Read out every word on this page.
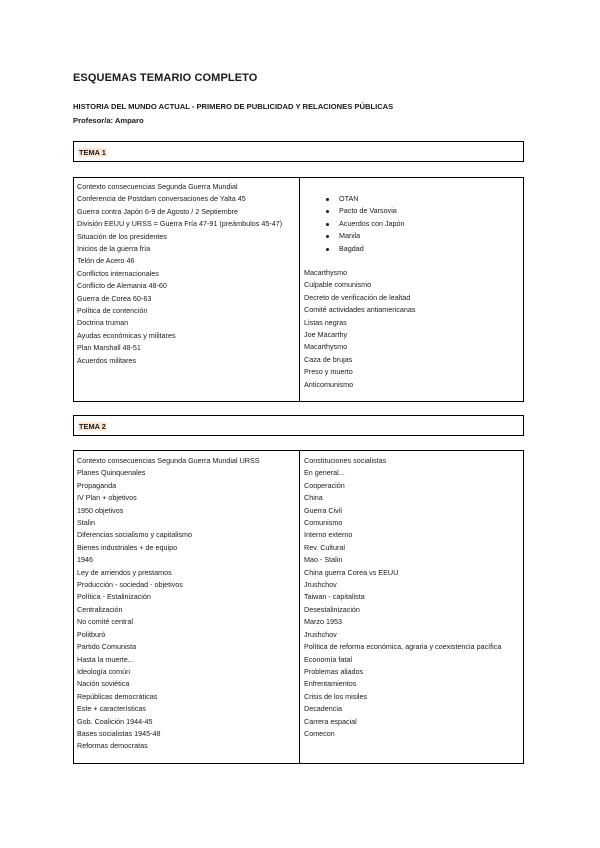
ESQUEMAS TEMARIO COMPLETO
HISTORIA DEL MUNDO ACTUAL - PRIMERO DE PUBLICIDAD Y RELACIONES PÚBLICAS
Profesor/a: Amparo
TEMA 1
Contexto consecuencias Segunda Guerra Mundial
Conferencia de Postdam conversaciones de Yalta 45
Guerra contra Japón 6-9 de Agosto / 2 Septiembre
División EEUU y URSS = Guerra Fría 47-91 (preámbulos 45-47)
Situación de los presidentes
Inicios de la guerra fría
Telón de Acero 46
Conflictos internacionales
Conflicto de Alemania 48-60
Guerra de Corea 60-63
Política de contención
Doctrina truman
Ayudas económicas y militares
Plan Marshall 48-51
Acuerdos militares
OTAN
Pacto de Varsovia
Acuerdos con Japón
Manila
Bagdad
Macarthysmo
Culpable comunismo
Decreto de verificación de lealtad
Comité actividades antiamericanas
Listas negras
Joe Macarthy
Macarthysmo
Caza de brujas
Preso y muerto
Anticomunismo
TEMA 2
Contexto consecuencias Segunda Guerra Mundial URSS
Planes Quinquenales
Propaganda
IV Plan + objetivos
1950 objetivos
Stalin
Diferencias socialismo y capitalismo
Bienes industriales + de equipo
1946
Ley de arriendos y prestamos
Producción - sociedad - objetivos
Política - Estalinización
Centralización
No comité central
Politburó
Partido Comunista
Hasta la muerte...
Ideología común
Nación soviética
Repúblicas democráticas
Este + características
Gob. Coalición 1944-45
Bases socialistas 1945-48
Reformas democratas
Constituciones socialistas
En general...
Cooperación
China
Guerra Civil
Comunismo
Interno externo
Rev. Cultural
Mao - Stalin
China guerra Corea vs EEUU
Jrushchov
Taiwan - capitalista
Desestalinización
Marzo 1953
Jrushchov
Política de reforma económica, agraria y coexistencia pacífica
Economía fatal
Problemas aliados
Enfrentamientos
Crisis de los misiles
Decadencia
Carrera espacial
Comecon
